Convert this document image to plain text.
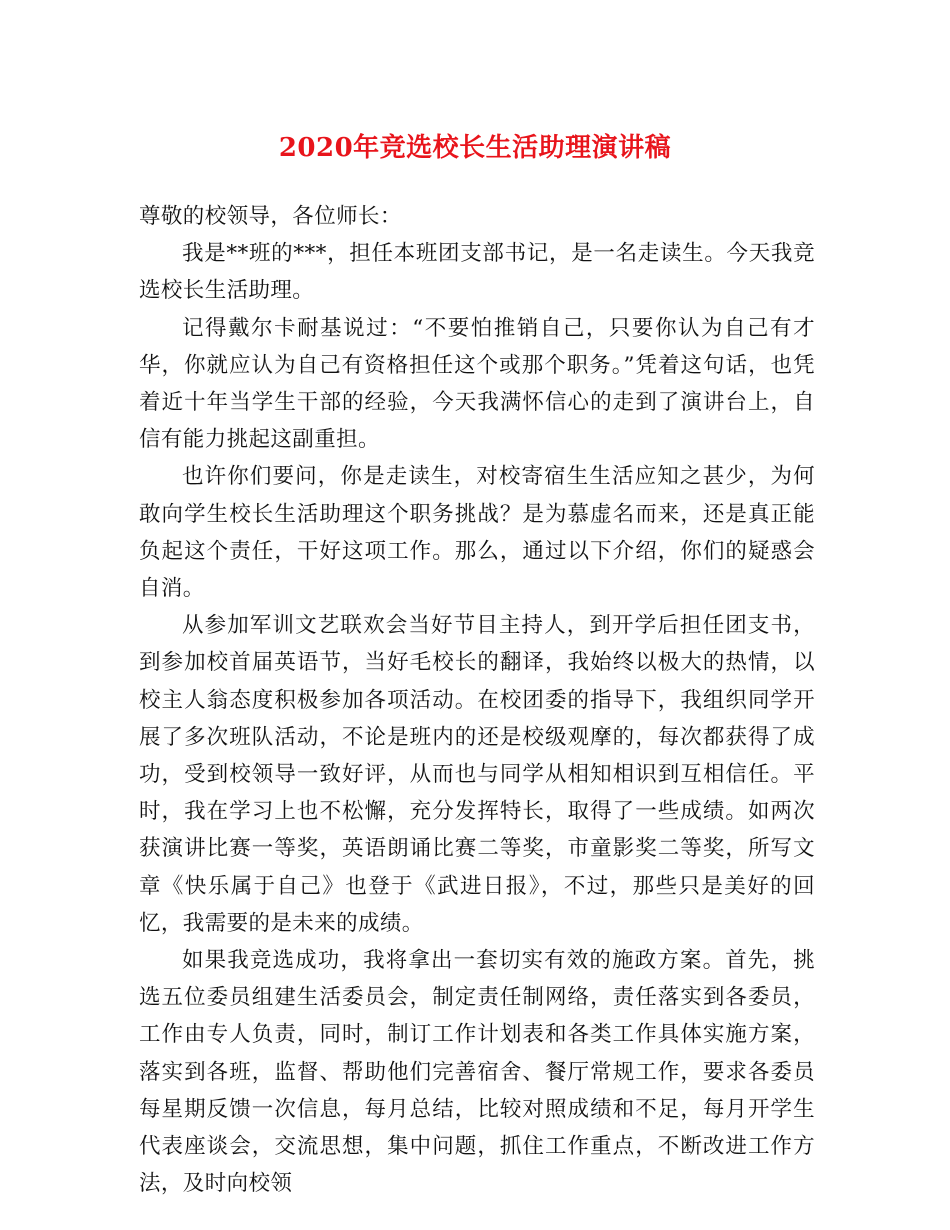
2020年竞选校长生活助理演讲稿

尊敬的校领导，各位师长：

我是**班的***，担任本班团支部书记，是一名走读生。今天我竞选校长生活助理。

记得戴尔卡耐基说过：“不要怕推销自己，只要你认为自己有才华，你就应认为自己有资格担任这个或那个职务。”凭着这句话，也凭着近十年当学生干部的经验，今天我满怀信心的走到了演讲台上，自信有能力挑起这副重担。

也许你们要问，你是走读生，对校寄宿生生活应知之甚少，为何敢向学生校长生活助理这个职务挑战？是为慕虚名而来，还是真正能负起这个责任，干好这项工作。那么，通过以下介绍，你们的疑惑会自消。

从参加军训文艺联欢会当好节目主持人，到开学后担任团支书，到参加校首届英语节，当好毛校长的翻译，我始终以极大的热情，以校主人翁态度积极参加各项活动。在校团委的指导下，我组织同学开展了多次班队活动，不论是班内的还是校级观摩的，每次都获得了成功，受到校领导一致好评，从而也与同学从相知相识到互相信任。平时，我在学习上也不松懈，充分发挥特长，取得了一些成绩。如两次获演讲比赛一等奖，英语朗诵比赛二等奖，市童影奖二等奖，所写文章《快乐属于自己》也登于《武进日报》，不过，那些只是美好的回忆，我需要的是未来的成绩。

如果我竞选成功，我将拿出一套切实有效的施政方案。首先，挑选五位委员组建生活委员会，制定责任制网络，责任落实到各委员，工作由专人负责，同时，制订工作计划表和各类工作具体实施方案，落实到各班，监督、帮助他们完善宿舍、餐厅常规工作，要求各委员每星期反馈一次信息，每月总结，比较对照成绩和不足，每月开学生代表座谈会，交流思想，集中问题，抓住工作重点，不断改进工作方法，及时向校领
